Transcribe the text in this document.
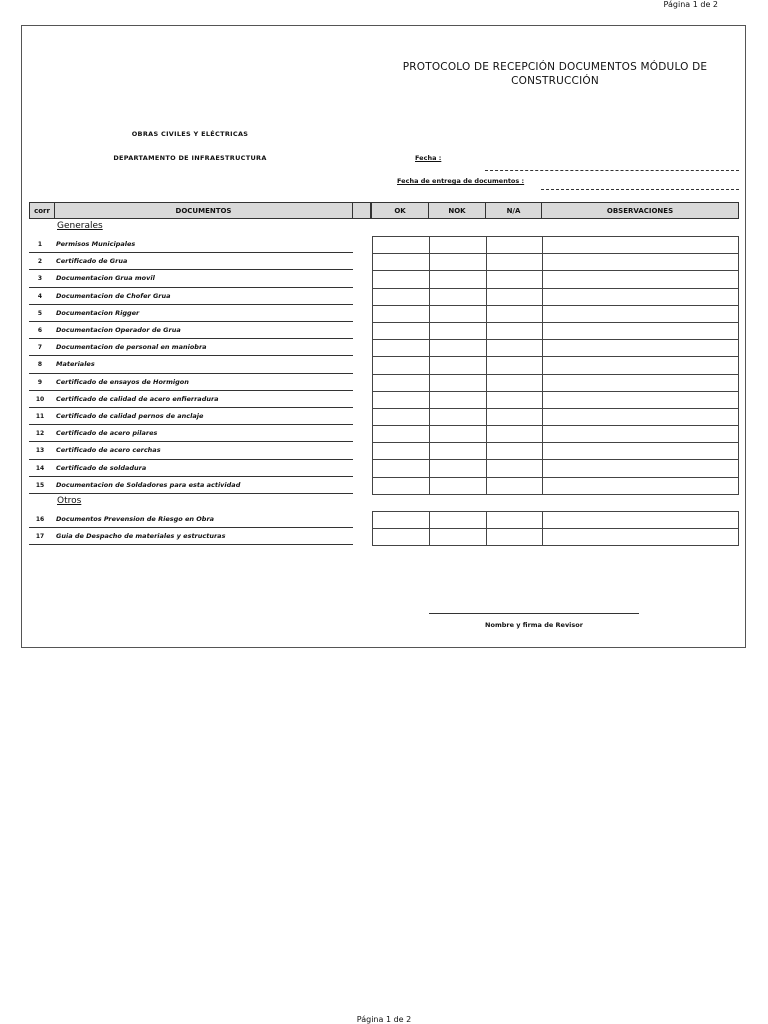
Página 1 de 2
PROTOCOLO DE RECEPCIÓN DOCUMENTOS MÓDULO DE CONSTRUCCIÓN
OBRAS CIVILES Y ELÉCTRICAS
DEPARTAMENTO DE INFRAESTRUCTURA	Fecha :
Fecha de entrega de documentos :
corr	DOCUMENTOS	OK	NOK	N/A	OBSERVACIONES
Generales
1	Permisos Municipales
2	Certificado de Grua
3	Documentacion Grua movil
4	Documentacion de Chofer Grua
5	Documentacion Rigger
6	Documentacion Operador de Grua
7	Documentacion de personal en maniobra
8	Materiales
9	Certificado de ensayos de Hormigon
10	Certificado de calidad de acero enfierradura
11	Certificado de calidad pernos de anclaje
12	Certificado de acero pilares
13	Certificado de acero cerchas
14	Certificado de soldadura
15	Documentacion de Soldadores para esta actividad

Otros
16	Documentos Prevension de Riesgo en Obra
17	Guia de Despacho de materiales y estructuras

Nombre y firma de Revisor
Página 1 de 2
